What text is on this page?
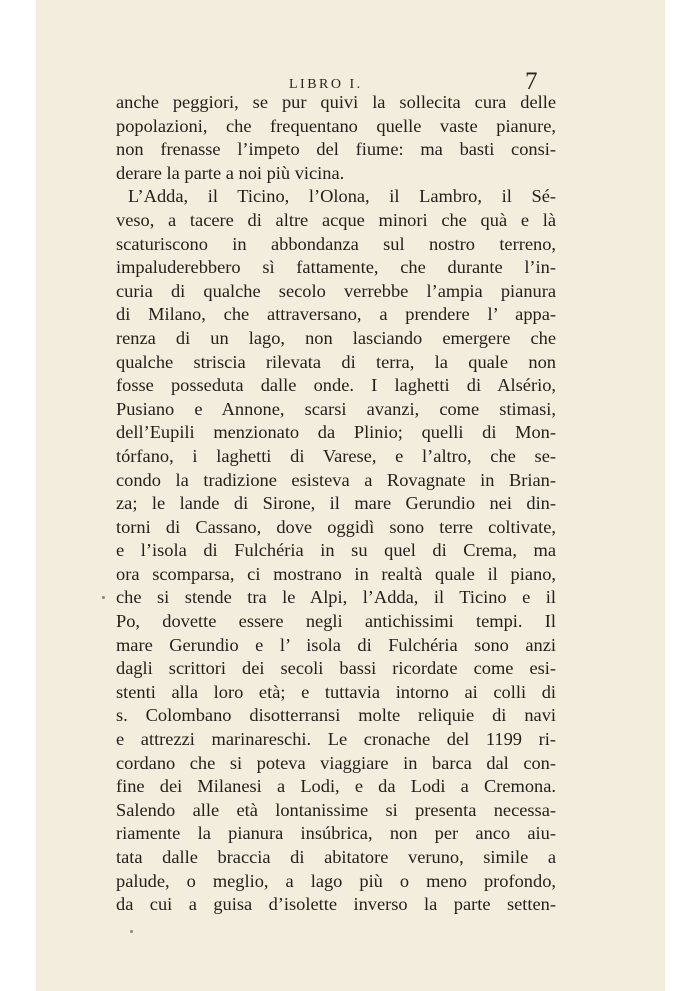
LIBRO I.	7
anche peggiori, se pur quivi la sollecita cura delle
popolazioni, che frequentano quelle vaste pianure,
non frenasse l’impeto del fiume: ma basti consi-
derare la parte a noi più vicina.
L’Adda, il Ticino, l’Olona, il Lambro, il Sé-
veso, a tacere di altre acque minori che quà e là
scaturiscono in abbondanza sul nostro terreno,
impaluderebbero sì fattamente, che durante l’in-
curia di qualche secolo verrebbe l’ampia pianura
di Milano, che attraversano, a prendere l’ appa-
renza di un lago, non lasciando emergere che
qualche striscia rilevata di terra, la quale non
fosse posseduta dalle onde. I laghetti di Alsério,
Pusiano e Annone, scarsi avanzi, come stimasi,
dell’Eupili menzionato da Plinio; quelli di Mon-
tórfano, i laghetti di Varese, e l’altro, che se-
condo la tradizione esisteva a Rovagnate in Brian-
za; le lande di Sirone, il mare Gerundio nei din-
torni di Cassano, dove oggidì sono terre coltivate,
e l’isola di Fulchéria in su quel di Crema, ma
ora scomparsa, ci mostrano in realtà quale il piano,
che si stende tra le Alpi, l’Adda, il Ticino e il
Po, dovette essere negli antichissimi tempi. Il
mare Gerundio e l’ isola di Fulchéria sono anzi
dagli scrittori dei secoli bassi ricordate come esi-
stenti alla loro età; e tuttavia intorno ai colli di
s. Colombano disotterransi molte reliquie di navi
e attrezzi marinareschi. Le cronache del 1199 ri-
cordano che si poteva viaggiare in barca dal con-
fine dei Milanesi a Lodi, e da Lodi a Cremona.
Salendo alle età lontanissime si presenta necessa-
riamente la pianura insúbrica, non per anco aiu-
tata dalle braccia di abitatore veruno, simile a
palude, o meglio, a lago più o meno profondo,
da cui a guisa d’isolette inverso la parte setten-
